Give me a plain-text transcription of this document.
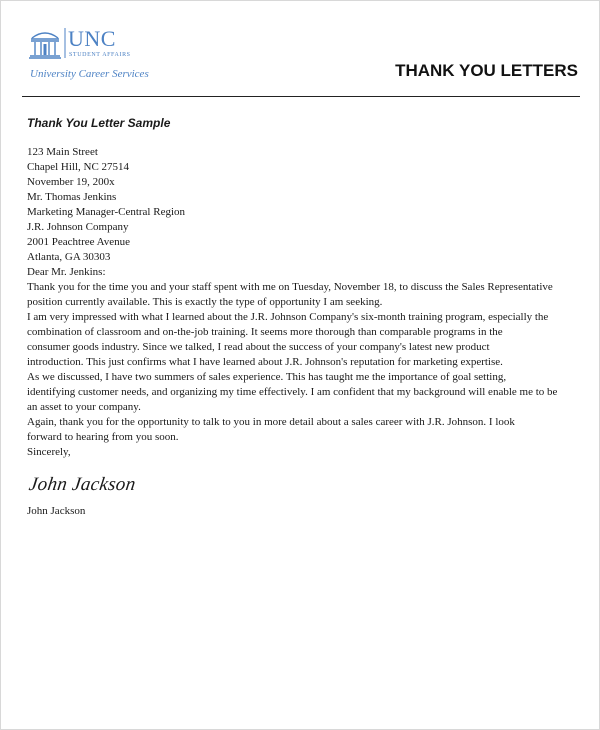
UNC
STUDENT AFFAIRS
University Career Services	THANK YOU LETTERS
Thank You Letter Sample
123 Main Street
Chapel Hill, NC 27514
November 19, 200x
Mr. Thomas Jenkins
Marketing Manager-Central Region
J.R. Johnson Company
2001 Peachtree Avenue
Atlanta, GA 30303
Dear Mr. Jenkins:
Thank you for the time you and your staff spent with me on Tuesday, November 18, to discuss the Sales Representative
position currently available. This is exactly the type of opportunity I am seeking.
I am very impressed with what I learned about the J.R. Johnson Company's six-month training program, especially the
combination of classroom and on-the-job training. It seems more thorough than comparable programs in the
consumer goods industry. Since we talked, I read about the success of your company's latest new product
introduction. This just confirms what I have learned about J.R. Johnson's reputation for marketing expertise.
As we discussed, I have two summers of sales experience. This has taught me the importance of goal setting,
identifying customer needs, and organizing my time effectively. I am confident that my background will enable me to be
an asset to your company.
Again, thank you for the opportunity to talk to you in more detail about a sales career with J.R. Johnson. I look
forward to hearing from you soon.
Sincerely,
John Jackson
John Jackson
